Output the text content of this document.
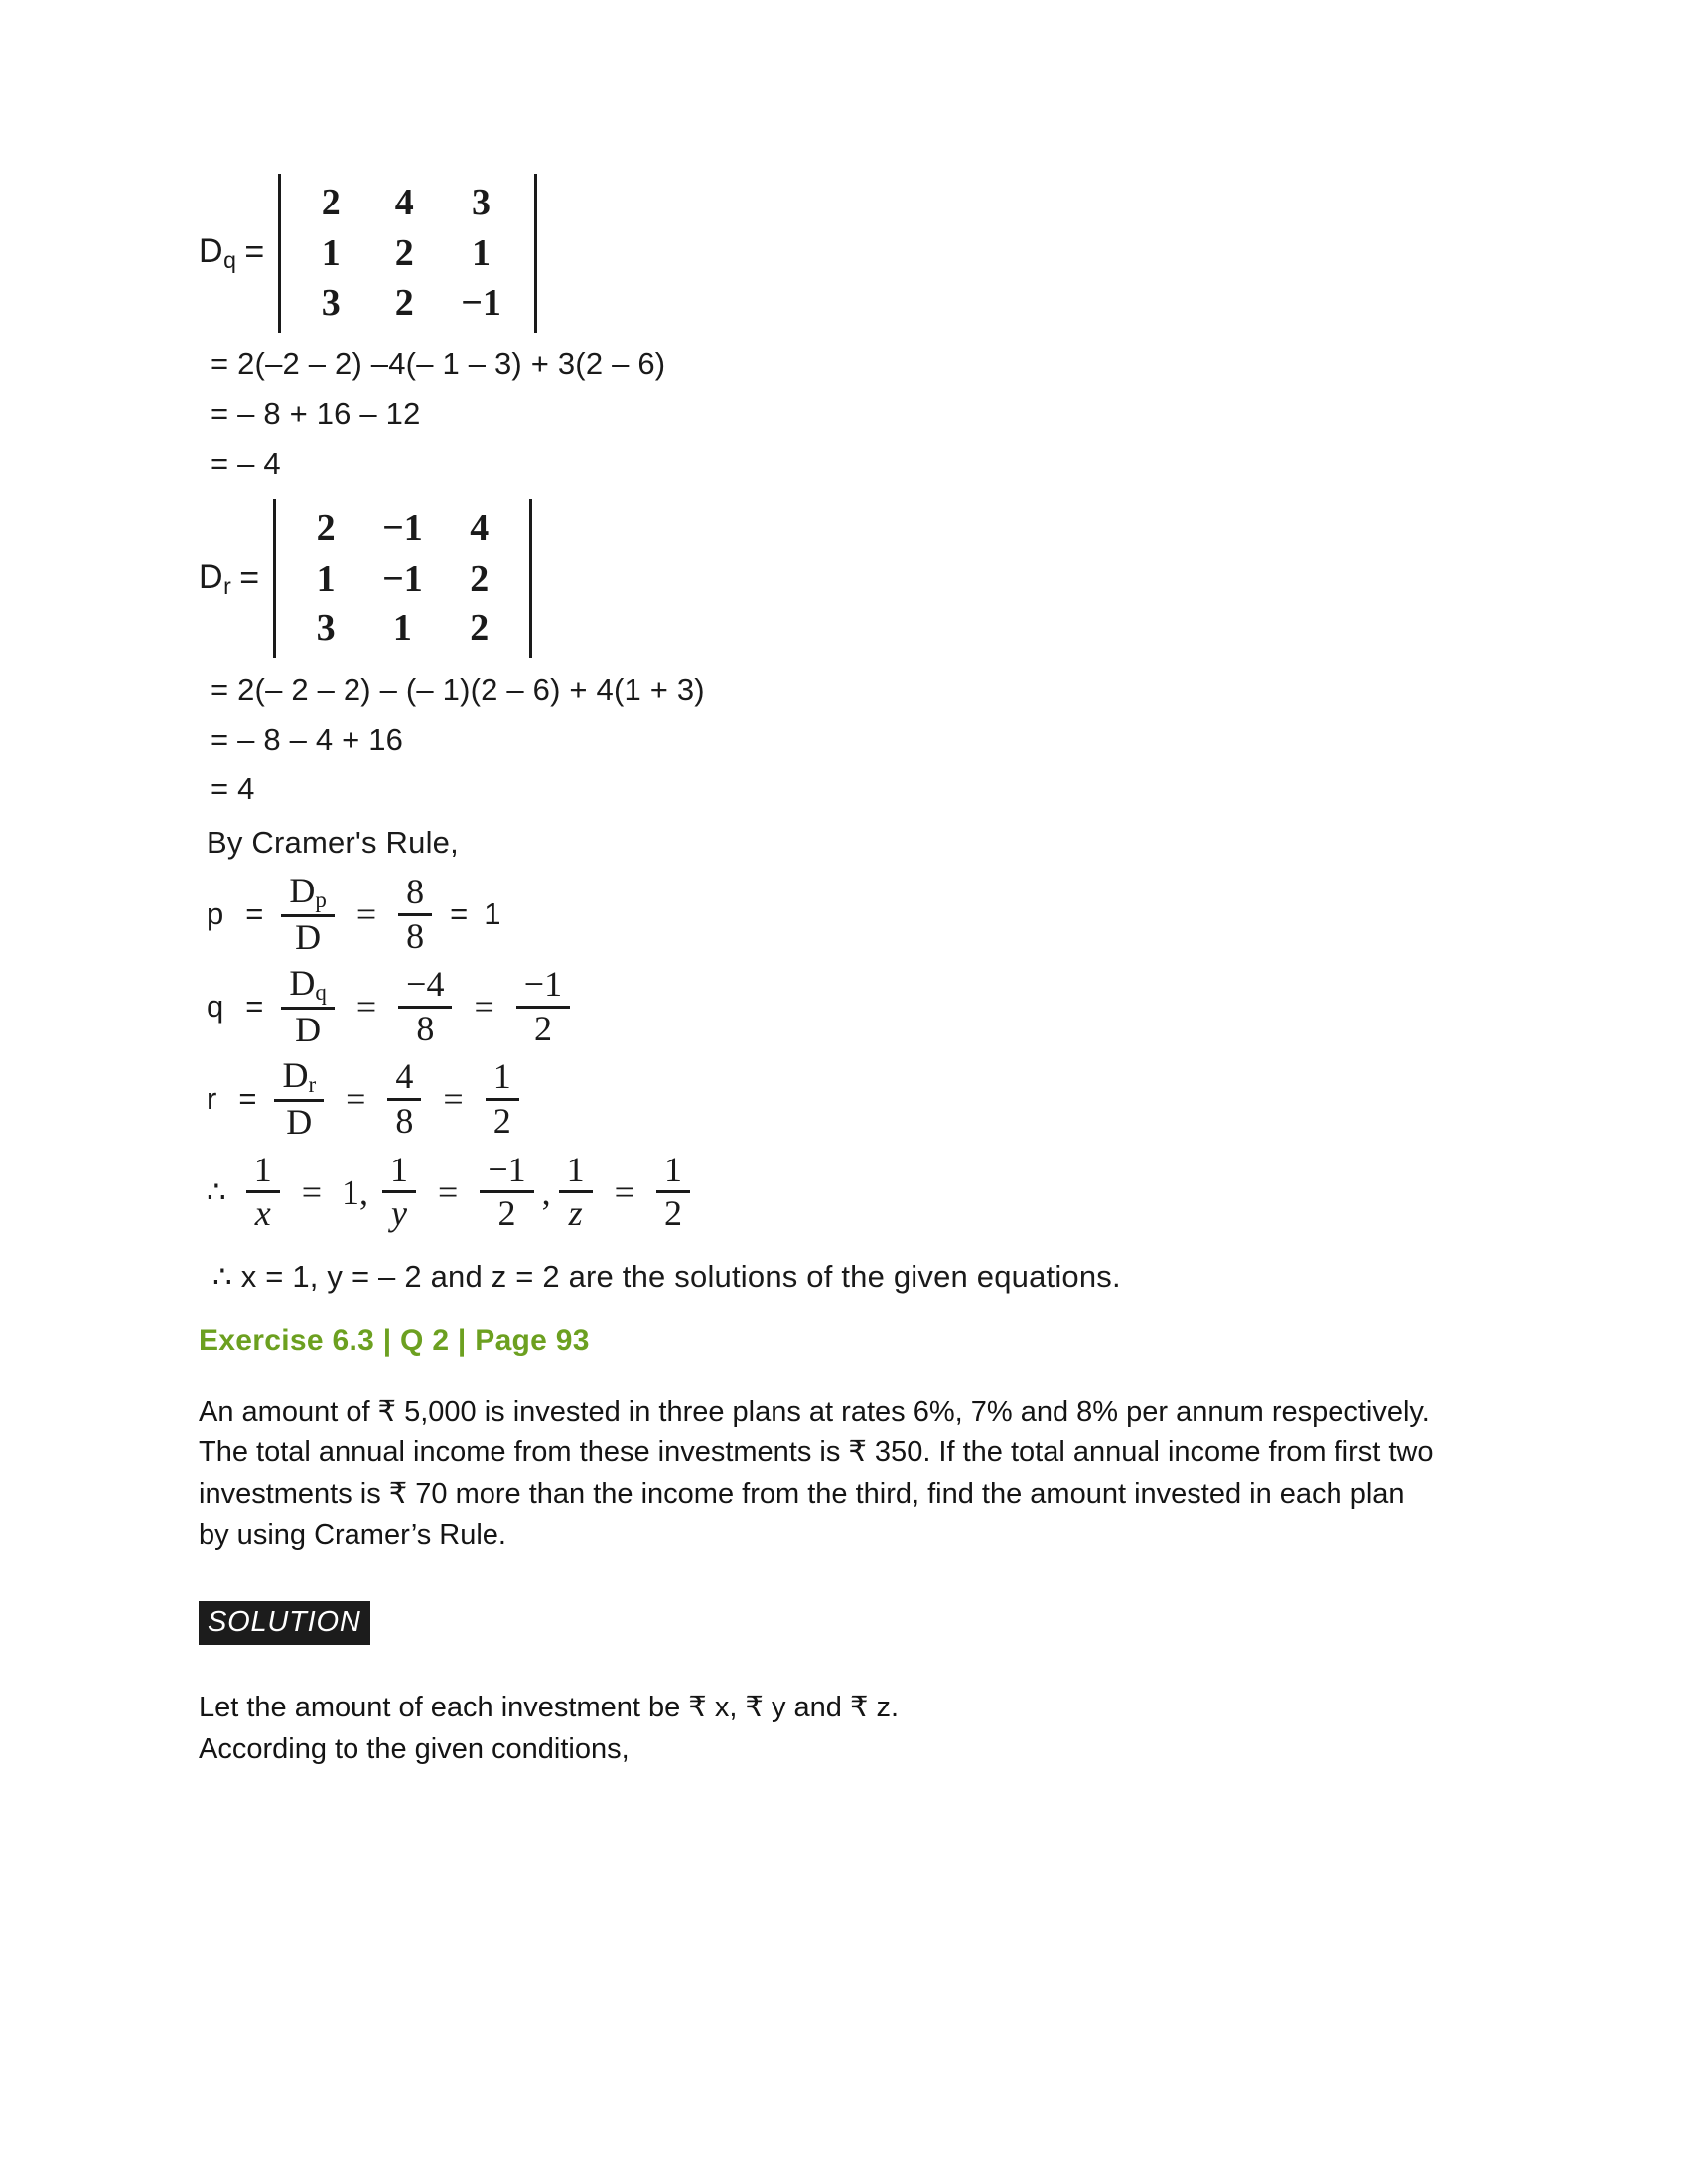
$D_q$ =
2	4	3
1	2	1
3	2	−1
= 2(–2 – 2) –4(– 1 – 3) + 3(2 – 6)
= – 8 + 16 – 12
= – 4
$D_r$ =
2	−1	4
1	−1	2
3	1	2
= 2(– 2 – 2) – (– 1)(2 – 6) + 4(1 + 3)
= – 8 – 4 + 16
= 4
By Cramer's Rule,
$p = \frac{D_p}{D} = \frac{8}{8} = 1$
$q = \frac{D_q}{D} = \frac{-4}{8} = \frac{-1}{2}$
$r = \frac{D_r}{D} = \frac{4}{8} = \frac{1}{2}$
∴ $\frac{1}{x} = 1$, $\frac{1}{y} = \frac{-1}{2}$ , $\frac{1}{z} = \frac{1}{2}$
∴ x = 1, y = – 2 and z = 2 are the solutions of the given equations.
Exercise 6.3 | Q 2 | Page 93
An amount of ₹ 5,000 is invested in three plans at rates 6%, 7% and 8% per annum respectively. The total annual income from these investments is ₹ 350. If the total annual income from first two investments is ₹ 70 more than the income from the third, find the amount invested in each plan by using Cramer’s Rule.
SOLUTION
Let the amount of each investment be ₹ x, ₹ y and ₹ z.
According to the given conditions,
